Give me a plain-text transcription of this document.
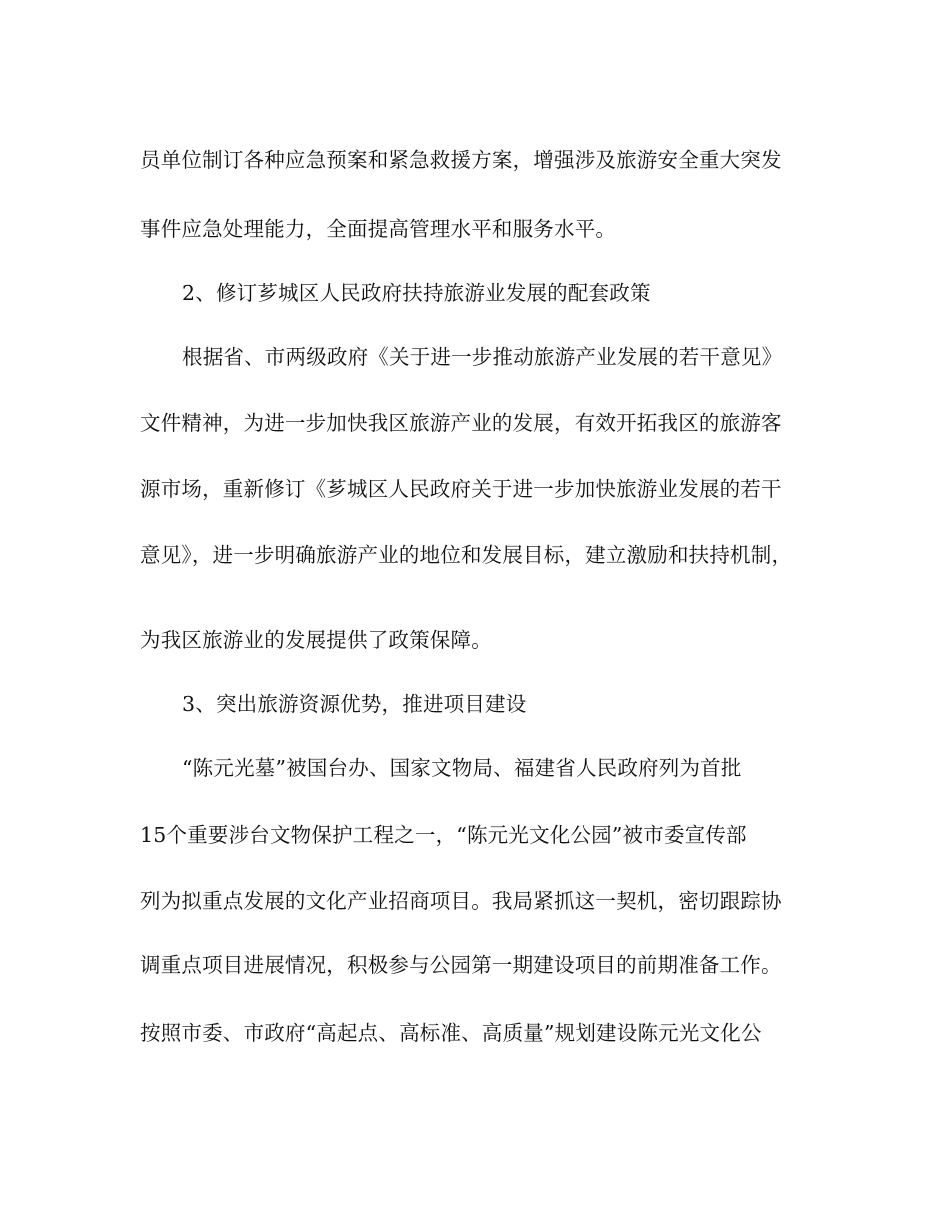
员单位制订各种应急预案和紧急救援方案，增强涉及旅游安全重大突发

事件应急处理能力，全面提高管理水平和服务水平。

2、修订芗城区人民政府扶持旅游业发展的配套政策

根据省、市两级政府《关于进一步推动旅游产业发展的若干意见》

文件精神，为进一步加快我区旅游产业的发展，有效开拓我区的旅游客

源市场，重新修订《芗城区人民政府关于进一步加快旅游业发展的若干

意见》，进一步明确旅游产业的地位和发展目标，建立激励和扶持机制，

为我区旅游业的发展提供了政策保障。

3、突出旅游资源优势，推进项目建设

“陈元光墓”被国台办、国家文物局、福建省人民政府列为首批

15个重要涉台文物保护工程之一，“陈元光文化公园”被市委宣传部

列为拟重点发展的文化产业招商项目。我局紧抓这一契机，密切跟踪协

调重点项目进展情况，积极参与公园第一期建设项目的前期准备工作。

按照市委、市政府“高起点、高标准、高质量”规划建设陈元光文化公
